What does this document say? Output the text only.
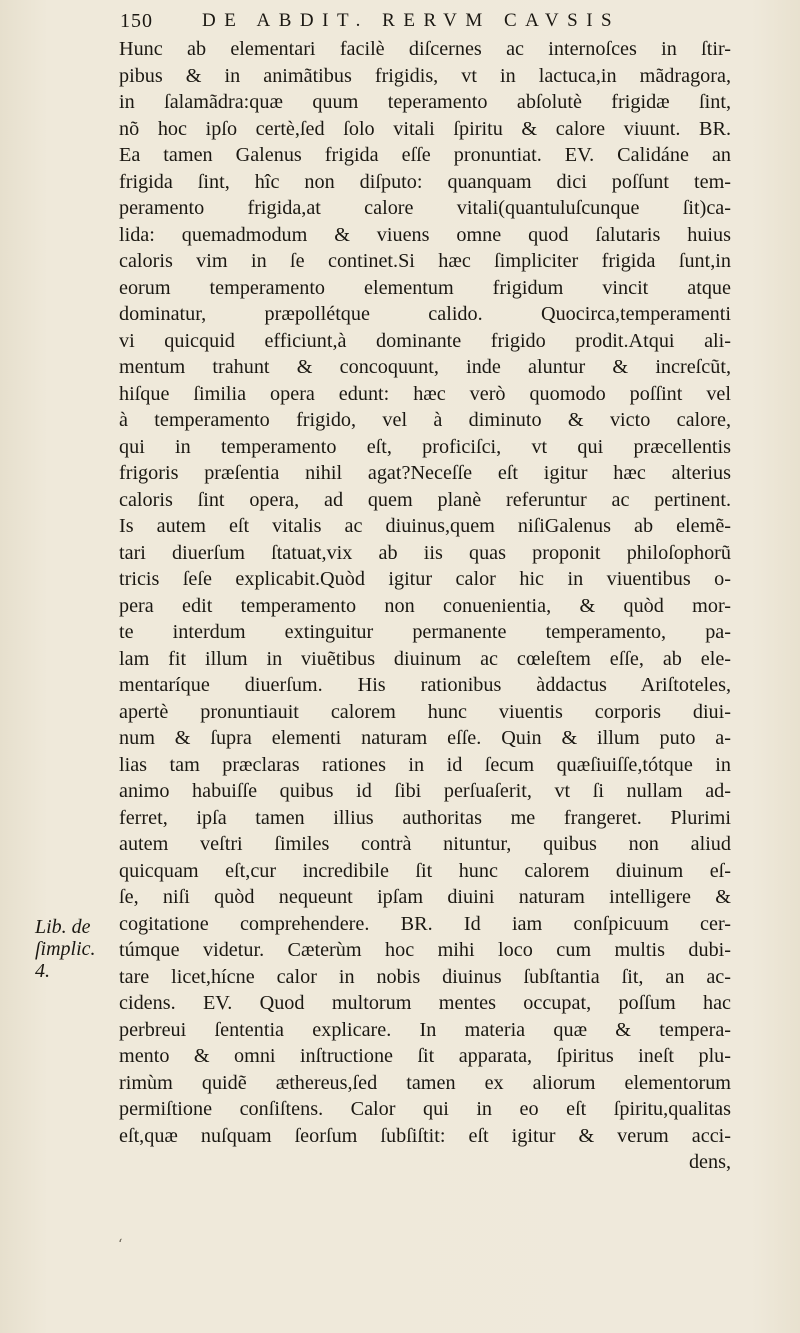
150	DE ABDIT. RERVM CAVSIS
Lib. de
ſimplic. 4.
Hunc ab elementari facilè diſcernes ac internoſces in ſtir-
pibus & in animãtibus frigidis, vt in lactuca,in mãdragora,
in ſalamãdra:quæ quum teperamento abſolutè frigidæ ſint,
nõ hoc ipſo certè,ſed ſolo vitali ſpiritu & calore viuunt. BR.
Ea tamen Galenus frigida eſſe pronuntiat. EV. Calidáne an
frigida ſint, hîc non diſputo: quanquam dici poſſunt tem-
peramento frigida,at calore vitali(quantuluſcunque ſit)ca-
lida: quemadmodum & viuens omne quod ſalutaris huius
caloris vim in ſe continet.Si hæc ſimpliciter frigida ſunt,in
eorum temperamento elementum frigidum vincit atque
dominatur, præpollétque calido. Quocirca,temperamenti
vi quicquid efficiunt,à dominante frigido prodit.Atqui ali-
mentum trahunt & concoquunt, inde aluntur & increſcũt,
hiſque ſimilia opera edunt: hæc verò quomodo poſſint vel
à temperamento frigido, vel à diminuto & victo calore,
qui in temperamento eſt, proficiſci, vt qui præcellentis
frigoris præſentia nihil agat?Neceſſe eſt igitur hæc alterius
caloris ſint opera, ad quem planè referuntur ac pertinent.
Is autem eſt vitalis ac diuinus,quem niſiGalenus ab elemẽ-
tari diuerſum ſtatuat,vix ab iis quas proponit philoſophorũ
tricis ſeſe explicabit.Quòd igitur calor hic in viuentibus o-
pera edit temperamento non conuenientia, & quòd mor-
te interdum extinguitur permanente temperamento, pa-
lam fit illum in viuẽtibus diuinum ac cœleſtem eſſe, ab ele-
mentaríque diuerſum. His rationibus àddactus Ariſtoteles,
apertè pronuntiauit calorem hunc viuentis corporis diui-
num & ſupra elementi naturam eſſe. Quin & illum puto a-
lias tam præclaras rationes in id ſecum quæſiuiſſe,tótque in
animo habuiſſe quibus id ſibi perſuaſerit, vt ſi nullam ad-
ferret, ipſa tamen illius authoritas me frangeret. Plurimi
autem veſtri ſimiles contrà nituntur, quibus non aliud
quicquam eſt,cur incredibile ſit hunc calorem diuinum eſ-
ſe, niſi quòd nequeunt ipſam diuini naturam intelligere &
cogitatione comprehendere. BR. Id iam conſpicuum cer-
túmque videtur. Cæterùm hoc mihi loco cum multis dubi-
tare licet,hícne calor in nobis diuinus ſubſtantia ſit, an ac-
cidens. EV. Quod multorum mentes occupat, poſſum hac
perbreui ſententia explicare. In materia quæ & tempera-
mento & omni inſtructione ſit apparata, ſpiritus ineſt plu-
rimùm quidẽ æthereus,ſed tamen ex aliorum elementorum
permiſtione conſiſtens. Calor qui in eo eſt ſpiritu,qualitas
eſt,quæ nuſquam ſeorſum ſubſiſtit: eſt igitur & verum acci-
dens,
‘
